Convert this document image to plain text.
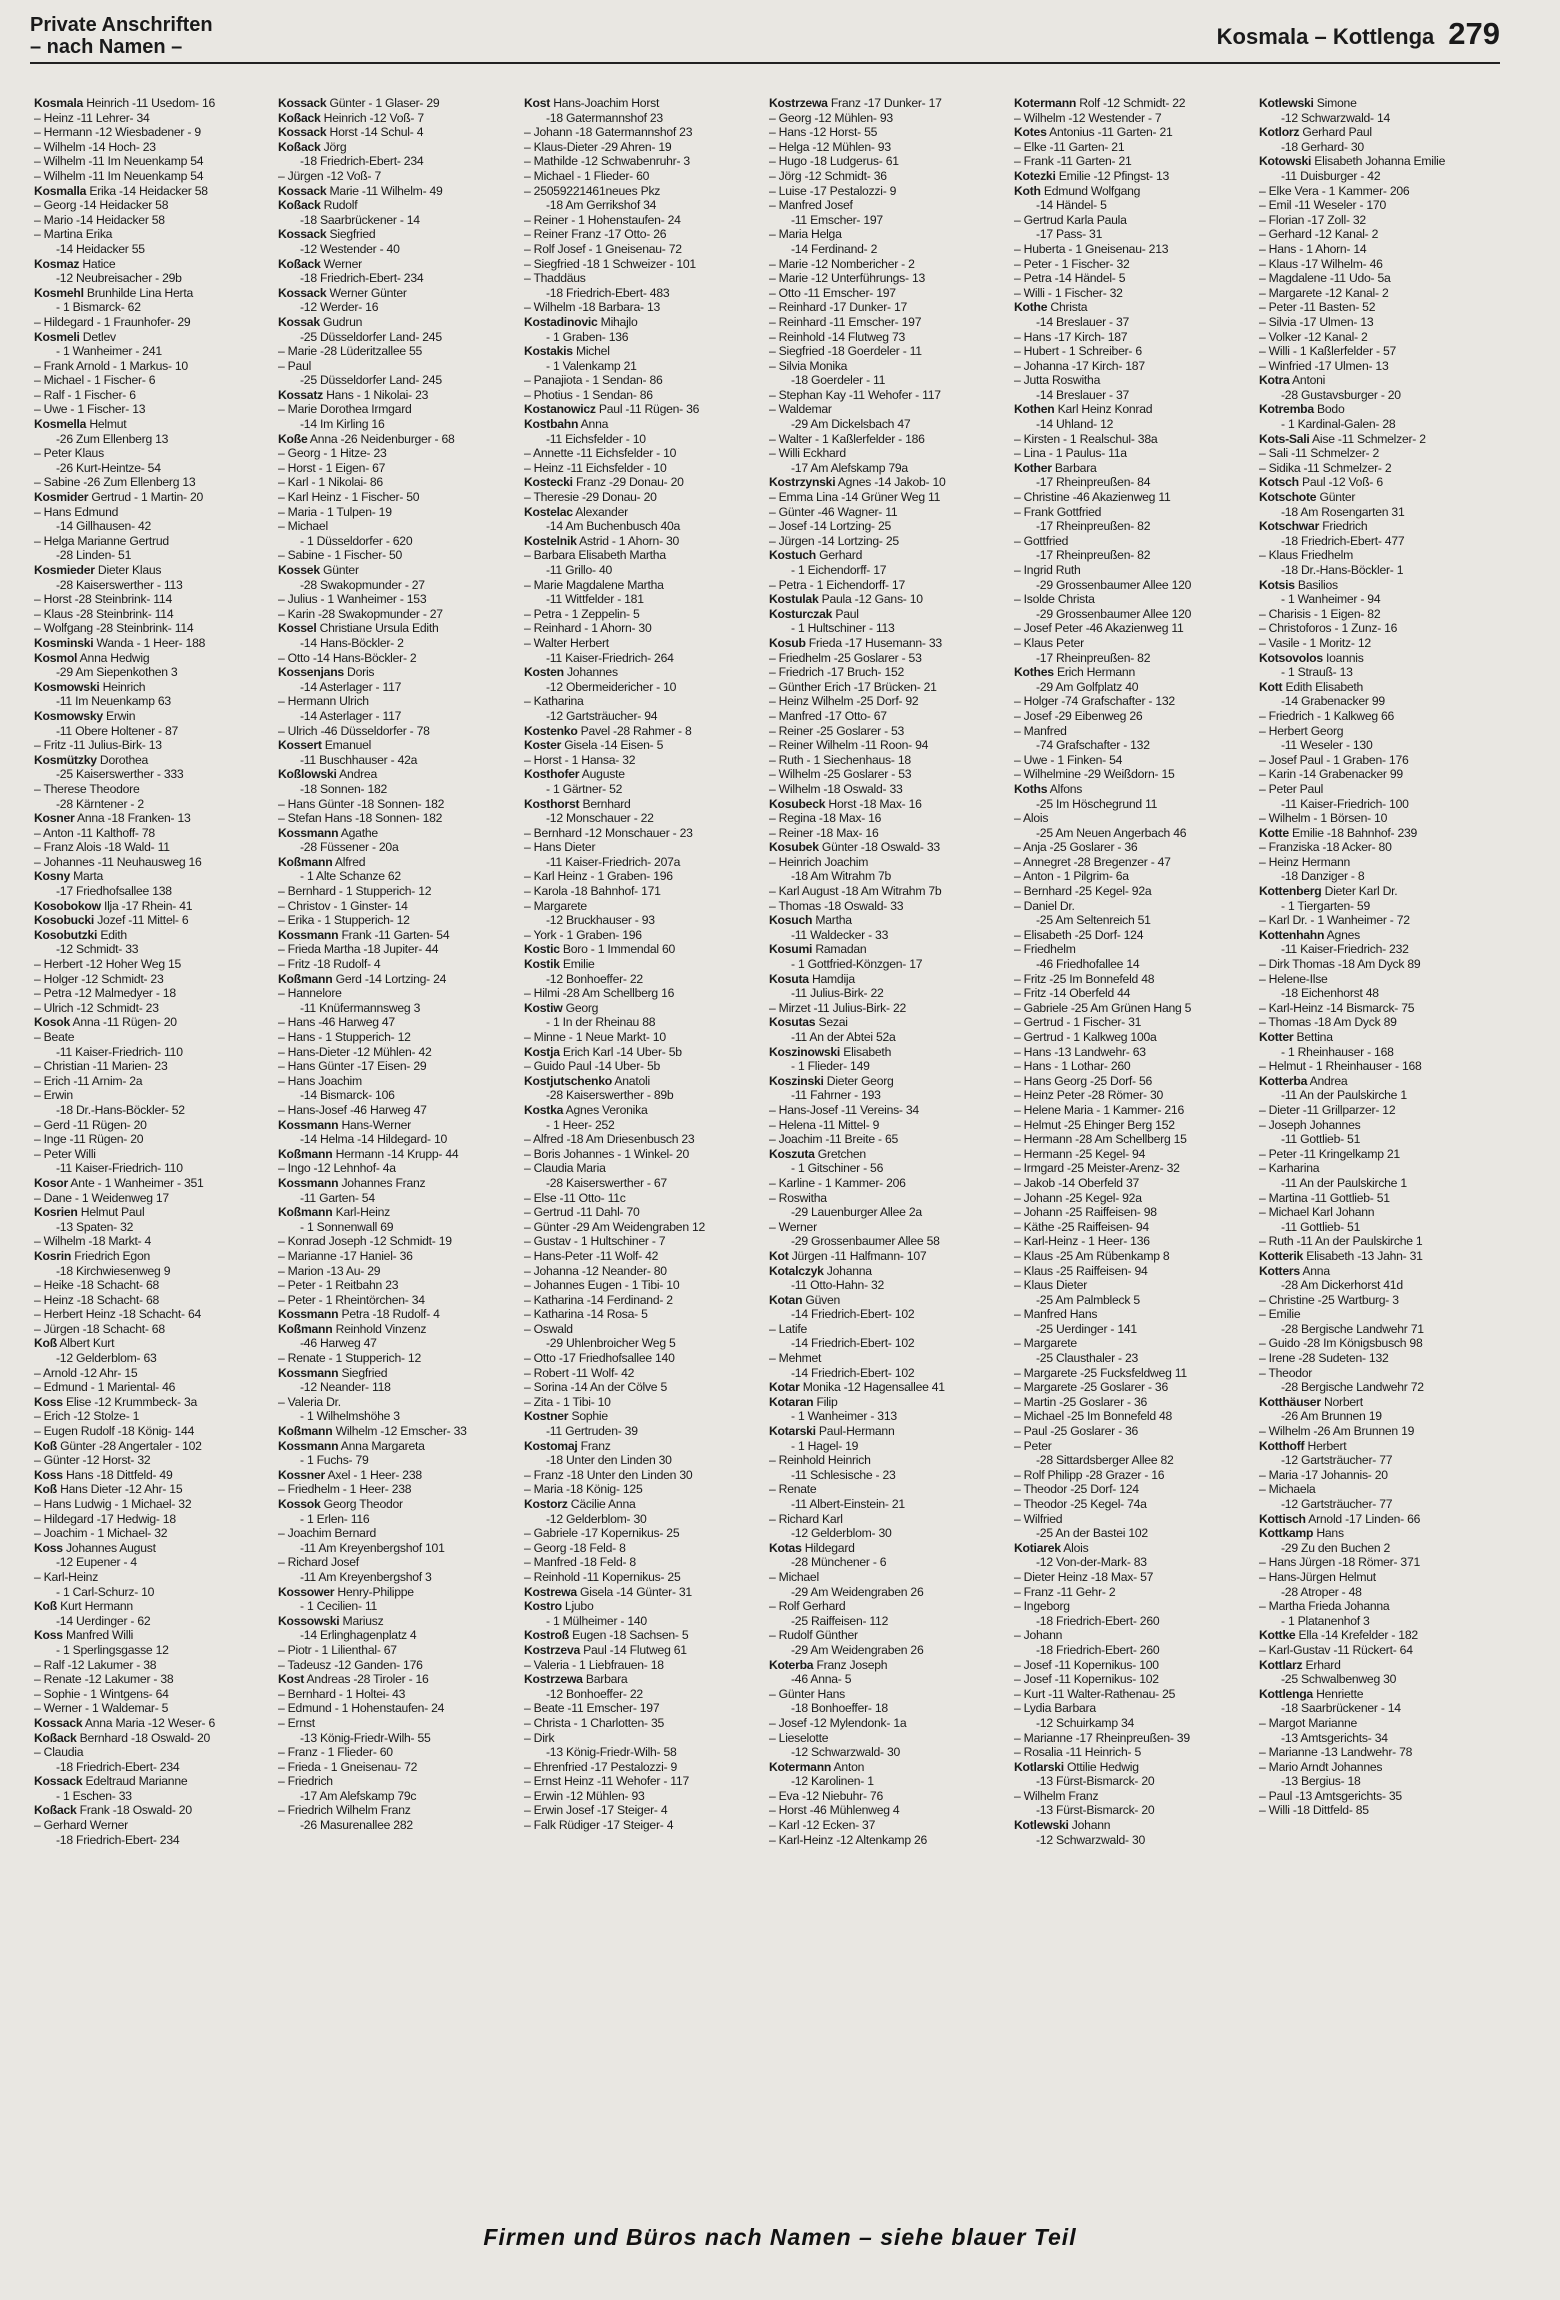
Private Anschriften
– nach Namen –	Kosmala – Kottlenga 279
Kosmala Heinrich -11 Usedom- 16
– Heinz -11 Lehrer- 34
– Hermann -12 Wiesbadener - 9
– Wilhelm -14 Hoch- 23
– Wilhelm -11 Im Neuenkamp 54
– Wilhelm -11 Im Neuenkamp 54
Kosmalla Erika -14 Heidacker 58
– Georg -14 Heidacker 58
– Mario -14 Heidacker 58
– Martina Erika
-14 Heidacker 55
Kosmaz Hatice
-12 Neubreisacher - 29b
Kosmehl Brunhilde Lina Herta
- 1 Bismarck- 62
– Hildegard - 1 Fraunhofer- 29
Kosmeli Detlev
- 1 Wanheimer - 241
– Frank Arnold - 1 Markus- 10
– Michael - 1 Fischer- 6
– Ralf - 1 Fischer- 6
– Uwe - 1 Fischer- 13
Kosmella Helmut
-26 Zum Ellenberg 13
– Peter Klaus
-26 Kurt-Heintze- 54
– Sabine -26 Zum Ellenberg 13
Kosmider Gertrud - 1 Martin- 20
– Hans Edmund
-14 Gillhausen- 42
– Helga Marianne Gertrud
-28 Linden- 51
Kosmieder Dieter Klaus
-28 Kaiserswerther - 113
– Horst -28 Steinbrink- 114
– Klaus -28 Steinbrink- 114
– Wolfgang -28 Steinbrink- 114
Kosminski Wanda - 1 Heer- 188
Kosmol Anna Hedwig
-29 Am Siepenkothen 3
Kosmowski Heinrich
-11 Im Neuenkamp 63
Kosmowsky Erwin
-11 Obere Holtener - 87
– Fritz -11 Julius-Birk- 13
Kosmützky Dorothea
-25 Kaiserswerther - 333
– Therese Theodore
-28 Kärntener - 2
Kosner Anna -18 Franken- 13
– Anton -11 Kalthoff- 78
– Franz Alois -18 Wald- 11
– Johannes -11 Neuhausweg 16
Kosny Marta
-17 Friedhofsallee 138
Kosobokow Ilja -17 Rhein- 41
Kosobucki Jozef -11 Mittel- 6
Kosobutzki Edith
-12 Schmidt- 33
– Herbert -12 Hoher Weg 15
– Holger -12 Schmidt- 23
– Petra -12 Malmedyer - 18
– Ulrich -12 Schmidt- 23
Kosok Anna -11 Rügen- 20
– Beate
-11 Kaiser-Friedrich- 110
– Christian -11 Marien- 23
– Erich -11 Arnim- 2a
– Erwin
-18 Dr.-Hans-Böckler- 52
– Gerd -11 Rügen- 20
– Inge -11 Rügen- 20
– Peter Willi
-11 Kaiser-Friedrich- 110
Kosor Ante - 1 Wanheimer - 351
– Dane - 1 Weidenweg 17
Kosrien Helmut Paul
-13 Spaten- 32
– Wilhelm -18 Markt- 4
Kosrin Friedrich Egon
-18 Kirchwiesenweg 9
– Heike -18 Schacht- 68
– Heinz -18 Schacht- 68
– Herbert Heinz -18 Schacht- 64
– Jürgen -18 Schacht- 68
Koß Albert Kurt
-12 Gelderblom- 63
– Arnold -12 Ahr- 15
– Edmund - 1 Mariental- 46
Koss Elise -12 Krummbeck- 3a
– Erich -12 Stolze- 1
– Eugen Rudolf -18 König- 144
Koß Günter -28 Angertaler - 102
– Günter -12 Horst- 32
Koss Hans -18 Dittfeld- 49
Koß Hans Dieter -12 Ahr- 15
– Hans Ludwig - 1 Michael- 32
– Hildegard -17 Hedwig- 18
– Joachim - 1 Michael- 32
Koss Johannes August
-12 Eupener - 4
– Karl-Heinz
- 1 Carl-Schurz- 10
Koß Kurt Hermann
-14 Uerdinger - 62
Koss Manfred Willi
- 1 Sperlingsgasse 12
– Ralf -12 Lakumer - 38
– Renate -12 Lakumer - 38
– Sophie - 1 Wintgens- 64
– Werner - 1 Waldemar- 5
Kossack Anna Maria -12 Weser- 6
Koßack Bernhard -18 Oswald- 20
– Claudia
-18 Friedrich-Ebert- 234
Kossack Edeltraud Marianne
- 1 Eschen- 33
Koßack Frank -18 Oswald- 20
– Gerhard Werner
-18 Friedrich-Ebert- 234
Kossack Günter - 1 Glaser- 29
Koßack Heinrich -12 Voß- 7
Kossack Horst -14 Schul- 4
Koßack Jörg
-18 Friedrich-Ebert- 234
– Jürgen -12 Voß- 7
Kossack Marie -11 Wilhelm- 49
Koßack Rudolf
-18 Saarbrückener - 14
Kossack Siegfried
-12 Westender - 40
Koßack Werner
-18 Friedrich-Ebert- 234
Kossack Werner Günter
-12 Werder- 16
Kossak Gudrun
-25 Düsseldorfer Land- 245
– Marie -28 Lüderitzallee 55
– Paul
-25 Düsseldorfer Land- 245
Kossatz Hans - 1 Nikolai- 23
– Marie Dorothea Irmgard
-14 Im Kirling 16
Koße Anna -26 Neidenburger - 68
– Georg - 1 Hitze- 23
– Horst - 1 Eigen- 67
– Karl - 1 Nikolai- 86
– Karl Heinz - 1 Fischer- 50
– Maria - 1 Tulpen- 19
– Michael
- 1 Düsseldorfer - 620
– Sabine - 1 Fischer- 50
Kossek Günter
-28 Swakopmunder - 27
– Julius - 1 Wanheimer - 153
– Karin -28 Swakopmunder - 27
Kossel Christiane Ursula Edith
-14 Hans-Böckler- 2
– Otto -14 Hans-Böckler- 2
Kossenjans Doris
-14 Asterlager - 117
– Hermann Ulrich
-14 Asterlager - 117
– Ulrich -46 Düsseldorfer - 78
Kossert Emanuel
-11 Buschhauser - 42a
Koßlowski Andrea
-18 Sonnen- 182
– Hans Günter -18 Sonnen- 182
– Stefan Hans -18 Sonnen- 182
Kossmann Agathe
-28 Füssener - 20a
Koßmann Alfred
- 1 Alte Schanze 62
– Bernhard - 1 Stupperich- 12
– Christov - 1 Ginster- 14
– Erika - 1 Stupperich- 12
Kossmann Frank -11 Garten- 54
– Frieda Martha -18 Jupiter- 44
– Fritz -18 Rudolf- 4
Koßmann Gerd -14 Lortzing- 24
– Hannelore
-11 Knüfermannsweg 3
– Hans -46 Harweg 47
– Hans - 1 Stupperich- 12
– Hans-Dieter -12 Mühlen- 42
– Hans Günter -17 Eisen- 29
– Hans Joachim
-14 Bismarck- 106
– Hans-Josef -46 Harweg 47
Kossmann Hans-Werner
-14 Helma -14 Hildegard- 10
Koßmann Hermann -14 Krupp- 44
– Ingo -12 Lehnhof- 4a
Kossmann Johannes Franz
-11 Garten- 54
Koßmann Karl-Heinz
- 1 Sonnenwall 69
– Konrad Joseph -12 Schmidt- 19
– Marianne -17 Haniel- 36
– Marion -13 Au- 29
– Peter - 1 Reitbahn 23
– Peter - 1 Rheintörchen- 34
Kossmann Petra -18 Rudolf- 4
Koßmann Reinhold Vinzenz
-46 Harweg 47
– Renate - 1 Stupperich- 12
Kossmann Siegfried
-12 Neander- 118
– Valeria Dr.
- 1 Wilhelmshöhe 3
Koßmann Wilhelm -12 Emscher- 33
Kossmann Anna Margareta
- 1 Fuchs- 79
Kossner Axel - 1 Heer- 238
– Friedhelm - 1 Heer- 238
Kossok Georg Theodor
- 1 Erlen- 116
– Joachim Bernard
-11 Am Kreyenbergshof 101
– Richard Josef
-11 Am Kreyenbergshof 3
Kossower Henry-Philippe
- 1 Cecilien- 11
Kossowski Mariusz
-14 Erlinghagenplatz 4
– Piotr - 1 Lilienthal- 67
– Tadeusz -12 Ganden- 176
Kost Andreas -28 Tiroler - 16
– Bernhard - 1 Holtei- 43
– Edmund - 1 Hohenstaufen- 24
– Ernst
-13 König-Friedr-Wilh- 55
– Franz - 1 Flieder- 60
– Frieda - 1 Gneisenau- 72
– Friedrich
-17 Am Alefskamp 79c
– Friedrich Wilhelm Franz
-26 Masurenallee 282
Kost Hans-Joachim Horst
-18 Gatermannshof 23
– Johann -18 Gatermannshof 23
– Klaus-Dieter -29 Ahren- 19
– Mathilde -12 Schwabenruhr- 3
– Michael - 1 Flieder- 60
– 25059221461neues Pkz
-18 Am Gerrikshof 34
– Reiner - 1 Hohenstaufen- 24
– Reiner Franz -17 Otto- 26
– Rolf Josef - 1 Gneisenau- 72
– Siegfried -18 1 Schweizer - 101
– Thaddäus
-18 Friedrich-Ebert- 483
– Wilhelm -18 Barbara- 13
Kostadinovic Mihajlo
- 1 Graben- 136
Kostakis Michel
- 1 Valenkamp 21
– Panajiota - 1 Sendan- 86
– Photius - 1 Sendan- 86
Kostanowicz Paul -11 Rügen- 36
Kostbahn Anna
-11 Eichsfelder - 10
– Annette -11 Eichsfelder - 10
– Heinz -11 Eichsfelder - 10
Kostecki Franz -29 Donau- 20
– Theresie -29 Donau- 20
Kostelac Alexander
-14 Am Buchenbusch 40a
Kostelnik Astrid - 1 Ahorn- 30
– Barbara Elisabeth Martha
-11 Grillo- 40
– Marie Magdalene Martha
-11 Wittfelder - 181
– Petra - 1 Zeppelin- 5
– Reinhard - 1 Ahorn- 30
– Walter Herbert
-11 Kaiser-Friedrich- 264
Kosten Johannes
-12 Obermeidericher - 10
– Katharina
-12 Gartsträucher- 94
Kostenko Pavel -28 Rahmer - 8
Koster Gisela -14 Eisen- 5
– Horst - 1 Hansa- 32
Kosthofer Auguste
- 1 Gärtner- 52
Kosthorst Bernhard
-12 Monschauer - 22
– Bernhard -12 Monschauer - 23
– Hans Dieter
-11 Kaiser-Friedrich- 207a
– Karl Heinz - 1 Graben- 196
– Karola -18 Bahnhof- 171
– Margarete
-12 Bruckhauser - 93
– York - 1 Graben- 196
Kostic Boro - 1 Immendal 60
Kostik Emilie
-12 Bonhoeffer- 22
– Hilmi -28 Am Schellberg 16
Kostiw Georg
- 1 In der Rheinau 88
– Minne - 1 Neue Markt- 10
Kostja Erich Karl -14 Uber- 5b
– Guido Paul -14 Uber- 5b
Kostjutschenko Anatoli
-28 Kaiserswerther - 89b
Kostka Agnes Veronika
- 1 Heer- 252
– Alfred -18 Am Driesenbusch 23
– Boris Johannes - 1 Winkel- 20
– Claudia Maria
-28 Kaiserswerther - 67
– Else -11 Otto- 11c
– Gertrud -11 Dahl- 70
– Günter -29 Am Weidengraben 12
– Gustav - 1 Hultschiner - 7
– Hans-Peter -11 Wolf- 42
– Johanna -12 Neander- 80
– Johannes Eugen - 1 Tibi- 10
– Katharina -14 Ferdinand- 2
– Katharina -14 Rosa- 5
– Oswald
-29 Uhlenbroicher Weg 5
– Otto -17 Friedhofsallee 140
– Robert -11 Wolf- 42
– Sorina -14 An der Cölve 5
– Zita - 1 Tibi- 10
Kostner Sophie
-11 Gertruden- 39
Kostomaj Franz
-18 Unter den Linden 30
– Franz -18 Unter den Linden 30
– Maria -18 König- 125
Kostorz Cäcilie Anna
-12 Gelderblom- 30
– Gabriele -17 Kopernikus- 25
– Georg -18 Feld- 8
– Manfred -18 Feld- 8
– Reinhold -11 Kopernikus- 25
Kostrewa Gisela -14 Günter- 31
Kostro Ljubo
- 1 Mülheimer - 140
Kostroß Eugen -18 Sachsen- 5
Kostrzeva Paul -14 Flutweg 61
– Valeria - 1 Liebfrauen- 18
Kostrzewa Barbara
-12 Bonhoeffer- 22
– Beate -11 Emscher- 197
– Christa - 1 Charlotten- 35
– Dirk
-13 König-Friedr-Wilh- 58
– Ehrenfried -17 Pestalozzi- 9
– Ernst Heinz -11 Wehofer - 117
– Erwin -12 Mühlen- 93
– Erwin Josef -17 Steiger- 4
– Falk Rüdiger -17 Steiger- 4
Kostrzewa Franz -17 Dunker- 17
– Georg -12 Mühlen- 93
– Hans -12 Horst- 55
– Helga -12 Mühlen- 93
– Hugo -18 Ludgerus- 61
– Jörg -12 Schmidt- 36
– Luise -17 Pestalozzi- 9
– Manfred Josef
-11 Emscher- 197
– Maria Helga
-14 Ferdinand- 2
– Marie -12 Nombericher - 2
– Marie -12 Unterführungs- 13
– Otto -11 Emscher- 197
– Reinhard -17 Dunker- 17
– Reinhard -11 Emscher- 197
– Reinhold -14 Flutweg 73
– Siegfried -18 Goerdeler - 11
– Silvia Monika
-18 Goerdeler - 11
– Stephan Kay -11 Wehofer - 117
– Waldemar
-29 Am Dickelsbach 47
– Walter - 1 Kaßlerfelder - 186
– Willi Eckhard
-17 Am Alefskamp 79a
Kostrzynski Agnes -14 Jakob- 10
– Emma Lina -14 Grüner Weg 11
– Günter -46 Wagner- 11
– Josef -14 Lortzing- 25
– Jürgen -14 Lortzing- 25
Kostuch Gerhard
- 1 Eichendorff- 17
– Petra - 1 Eichendorff- 17
Kostulak Paula -12 Gans- 10
Kosturczak Paul
- 1 Hultschiner - 113
Kosub Frieda -17 Husemann- 33
– Friedhelm -25 Goslarer - 53
– Friedrich -17 Bruch- 152
– Günther Erich -17 Brücken- 21
– Heinz Wilhelm -25 Dorf- 92
– Manfred -17 Otto- 67
– Reiner -25 Goslarer - 53
– Reiner Wilhelm -11 Roon- 94
– Ruth - 1 Siechenhaus- 18
– Wilhelm -25 Goslarer - 53
– Wilhelm -18 Oswald- 33
Kosubeck Horst -18 Max- 16
– Regina -18 Max- 16
– Reiner -18 Max- 16
Kosubek Günter -18 Oswald- 33
– Heinrich Joachim
-18 Am Witrahm 7b
– Karl August -18 Am Witrahm 7b
– Thomas -18 Oswald- 33
Kosuch Martha
-11 Waldecker - 33
Kosumi Ramadan
- 1 Gottfried-Könzgen- 17
Kosuta Hamdija
-11 Julius-Birk- 22
– Mirzet -11 Julius-Birk- 22
Kosutas Sezai
-11 An der Abtei 52a
Koszinowski Elisabeth
- 1 Flieder- 149
Koszinski Dieter Georg
-11 Fahrner - 193
– Hans-Josef -11 Vereins- 34
– Helena -11 Mittel- 9
– Joachim -11 Breite - 65
Koszuta Gretchen
- 1 Gitschiner - 56
– Karline - 1 Kammer- 206
– Roswitha
-29 Lauenburger Allee 2a
– Werner
-29 Grossenbaumer Allee 58
Kot Jürgen -11 Halfmann- 107
Kotalczyk Johanna
-11 Otto-Hahn- 32
Kotan Güven
-14 Friedrich-Ebert- 102
– Latife
-14 Friedrich-Ebert- 102
– Mehmet
-14 Friedrich-Ebert- 102
Kotar Monika -12 Hagensallee 41
Kotaran Filip
- 1 Wanheimer - 313
Kotarski Paul-Hermann
- 1 Hagel- 19
– Reinhold Heinrich
-11 Schlesische - 23
– Renate
-11 Albert-Einstein- 21
– Richard Karl
-12 Gelderblom- 30
Kotas Hildegard
-28 Münchener - 6
– Michael
-29 Am Weidengraben 26
– Rolf Gerhard
-25 Raiffeisen- 112
– Rudolf Günther
-29 Am Weidengraben 26
Koterba Franz Joseph
-46 Anna- 5
– Günter Hans
-18 Bonhoeffer- 18
– Josef -12 Mylendonk- 1a
– Lieselotte
-12 Schwarzwald- 30
Kotermann Anton
-12 Karolinen- 1
– Eva -12 Niebuhr- 76
– Horst -46 Mühlenweg 4
– Karl -12 Ecken- 37
– Karl-Heinz -12 Altenkamp 26
Kotermann Rolf -12 Schmidt- 22
– Wilhelm -12 Westender - 7
Kotes Antonius -11 Garten- 21
– Elke -11 Garten- 21
– Frank -11 Garten- 21
Kotezki Emilie -12 Pfingst- 13
Koth Edmund Wolfgang
-14 Händel- 5
– Gertrud Karla Paula
-17 Pass- 31
– Huberta - 1 Gneisenau- 213
– Peter - 1 Fischer- 32
– Petra -14 Händel- 5
– Willi - 1 Fischer- 32
Kothe Christa
-14 Breslauer - 37
– Hans -17 Kirch- 187
– Hubert - 1 Schreiber- 6
– Johanna -17 Kirch- 187
– Jutta Roswitha
-14 Breslauer - 37
Kothen Karl Heinz Konrad
-14 Uhland- 12
– Kirsten - 1 Realschul- 38a
– Lina - 1 Paulus- 11a
Kother Barbara
-17 Rheinpreußen- 84
– Christine -46 Akazienweg 11
– Frank Gottfried
-17 Rheinpreußen- 82
– Gottfried
-17 Rheinpreußen- 82
– Ingrid Ruth
-29 Grossenbaumer Allee 120
– Isolde Christa
-29 Grossenbaumer Allee 120
– Josef Peter -46 Akazienweg 11
– Klaus Peter
-17 Rheinpreußen- 82
Kothes Erich Hermann
-29 Am Golfplatz 40
– Holger -74 Grafschafter - 132
– Josef -29 Eibenweg 26
– Manfred
-74 Grafschafter - 132
– Uwe - 1 Finken- 54
– Wilhelmine -29 Weißdorn- 15
Koths Alfons
-25 Im Höschegrund 11
– Alois
-25 Am Neuen Angerbach 46
– Anja -25 Goslarer - 36
– Annegret -28 Bregenzer - 47
– Anton - 1 Pilgrim- 6a
– Bernhard -25 Kegel- 92a
– Daniel Dr.
-25 Am Seltenreich 51
– Elisabeth -25 Dorf- 124
– Friedhelm
-46 Friedhofallee 14
– Fritz -25 Im Bonnefeld 48
– Fritz -14 Oberfeld 44
– Gabriele -25 Am Grünen Hang 5
– Gertrud - 1 Fischer- 31
– Gertrud - 1 Kalkweg 100a
– Hans -13 Landwehr- 63
– Hans - 1 Lothar- 260
– Hans Georg -25 Dorf- 56
– Heinz Peter -28 Römer- 30
– Helene Maria - 1 Kammer- 216
– Helmut -25 Ehinger Berg 152
– Hermann -28 Am Schellberg 15
– Hermann -25 Kegel- 94
– Irmgard -25 Meister-Arenz- 32
– Jakob -14 Oberfeld 37
– Johann -25 Kegel- 92a
– Johann -25 Raiffeisen- 98
– Käthe -25 Raiffeisen- 94
– Karl-Heinz - 1 Heer- 136
– Klaus -25 Am Rübenkamp 8
– Klaus -25 Raiffeisen- 94
– Klaus Dieter
-25 Am Palmbleck 5
– Manfred Hans
-25 Uerdinger - 141
– Margarete
-25 Clausthaler - 23
– Margarete -25 Fucksfeldweg 11
– Margarete -25 Goslarer - 36
– Martin -25 Goslarer - 36
– Michael -25 Im Bonnefeld 48
– Paul -25 Goslarer - 36
– Peter
-28 Sittardsberger Allee 82
– Rolf Philipp -28 Grazer - 16
– Theodor -25 Dorf- 124
– Theodor -25 Kegel- 74a
– Wilfried
-25 An der Bastei 102
Kotiarek Alois
-12 Von-der-Mark- 83
– Dieter Heinz -18 Max- 57
– Franz -11 Gehr- 2
– Ingeborg
-18 Friedrich-Ebert- 260
– Johann
-18 Friedrich-Ebert- 260
– Josef -11 Kopernikus- 100
– Josef -11 Kopernikus- 102
– Kurt -11 Walter-Rathenau- 25
– Lydia Barbara
-12 Schuirkamp 34
– Marianne -17 Rheinpreußen- 39
– Rosalia -11 Heinrich- 5
Kotlarski Ottilie Hedwig
-13 Fürst-Bismarck- 20
– Wilhelm Franz
-13 Fürst-Bismarck- 20
Kotlewski Johann
-12 Schwarzwald- 30
Kotlewski Simone
-12 Schwarzwald- 14
Kotlorz Gerhard Paul
-18 Gerhard- 30
Kotowski Elisabeth Johanna Emilie
-11 Duisburger - 42
– Elke Vera - 1 Kammer- 206
– Emil -11 Weseler - 170
– Florian -17 Zoll- 32
– Gerhard -12 Kanal- 2
– Hans - 1 Ahorn- 14
– Klaus -17 Wilhelm- 46
– Magdalene -11 Udo- 5a
– Margarete -12 Kanal- 2
– Peter -11 Basten- 52
– Silvia -17 Ulmen- 13
– Volker -12 Kanal- 2
– Willi - 1 Kaßlerfelder - 57
– Winfried -17 Ulmen- 13
Kotra Antoni
-28 Gustavsburger - 20
Kotremba Bodo
- 1 Kardinal-Galen- 28
Kots-Sali Aise -11 Schmelzer- 2
– Sali -11 Schmelzer- 2
– Sidika -11 Schmelzer- 2
Kotsch Paul -12 Voß- 6
Kotschote Günter
-18 Am Rosengarten 31
Kotschwar Friedrich
-18 Friedrich-Ebert- 477
– Klaus Friedhelm
-18 Dr.-Hans-Böckler- 1
Kotsis Basilios
- 1 Wanheimer - 94
– Charisis - 1 Eigen- 82
– Christoforos - 1 Zunz- 16
– Vasile - 1 Moritz- 12
Kotsovolos Ioannis
- 1 Strauß- 13
Kott Edith Elisabeth
-14 Grabenacker 99
– Friedrich - 1 Kalkweg 66
– Herbert Georg
-11 Weseler - 130
– Josef Paul - 1 Graben- 176
– Karin -14 Grabenacker 99
– Peter Paul
-11 Kaiser-Friedrich- 100
– Wilhelm - 1 Börsen- 10
Kotte Emilie -18 Bahnhof- 239
– Franziska -18 Acker- 80
– Heinz Hermann
-18 Danziger - 8
Kottenberg Dieter Karl Dr.
- 1 Tiergarten- 59
– Karl Dr. - 1 Wanheimer - 72
Kottenhahn Agnes
-11 Kaiser-Friedrich- 232
– Dirk Thomas -18 Am Dyck 89
– Helene-Ilse
-18 Eichenhorst 48
– Karl-Heinz -14 Bismarck- 75
– Thomas -18 Am Dyck 89
Kotter Bettina
- 1 Rheinhauser - 168
– Helmut - 1 Rheinhauser - 168
Kotterba Andrea
-11 An der Paulskirche 1
– Dieter -11 Grillparzer- 12
– Joseph Johannes
-11 Gottlieb- 51
– Peter -11 Kringelkamp 21
– Karharina
-11 An der Paulskirche 1
– Martina -11 Gottlieb- 51
– Michael Karl Johann
-11 Gottlieb- 51
– Ruth -11 An der Paulskirche 1
Kotterik Elisabeth -13 Jahn- 31
Kotters Anna
-28 Am Dickerhorst 41d
– Christine -25 Wartburg- 3
– Emilie
-28 Bergische Landwehr 71
– Guido -28 Im Königsbusch 98
– Irene -28 Sudeten- 132
– Theodor
-28 Bergische Landwehr 72
Kotthäuser Norbert
-26 Am Brunnen 19
– Wilhelm -26 Am Brunnen 19
Kotthoff Herbert
-12 Gartsträucher- 77
– Maria -17 Johannis- 20
– Michaela
-12 Gartsträucher- 77
Kottisch Arnold -17 Linden- 66
Kottkamp Hans
-29 Zu den Buchen 2
– Hans Jürgen -18 Römer- 371
– Hans-Jürgen Helmut
-28 Atroper - 48
– Martha Frieda Johanna
- 1 Platanenhof 3
Kottke Ella -14 Krefelder - 182
– Karl-Gustav -11 Rückert- 64
Kottlarz Erhard
-25 Schwalbenweg 30
Kottlenga Henriette
-18 Saarbrückener - 14
– Margot Marianne
-13 Amtsgerichts- 34
– Marianne -13 Landwehr- 78
– Mario Arndt Johannes
-13 Bergius- 18
– Paul -13 Amtsgerichts- 35
– Willi -18 Dittfeld- 85
Firmen und Büros nach Namen – siehe blauer Teil
